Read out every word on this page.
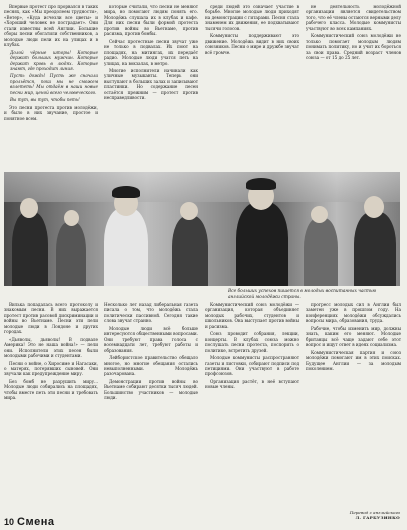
Впервые протест про прорвался в таких песнях, как «Мы преодолеем трудности», «Ветер», «Куда исчезли все цветы» и «Хороший человек не пострадает». Они стали известны всей Англии. Большие сборы песни обогатили собственников, а молодые люди пели их на улицах и в клубах.

Долой чёрные шторы! Которые держат больших мужчин. Которые держат кровь в людях. Которые знают, где проходит линия.

Пусть дождь! Пусть же сначала прольётся, пока мы не сможем взлететь! Мы отдаём в наши новые песни мир, ценой всего человеческого.

Вы тут, вы тут, чтобы петь!

Это песни протеста против молодёжи, и было в них звучание, простое и понятное всем.

которые считали, что песни не меняют мира, но помогают людям понять его. Молодёжь слушала их в клубах и кафе. Для них песни были формой протеста против войны во Вьетнаме, против расизма, против бомбы.

Сейчас протестные песни звучат уже не только в подвалах. Их поют на площадях, на митингах, их передаёт радио. Молодые люди учатся петь на улицах, на вокзалах, в метро.

Многие исполнители начинали как уличные музыканты. Теперь они выступают в больших залах и записывают пластинки. Но содержание песен остаётся прежним — протест против несправедливости.

среди людей это означает участие в борьбе. Многие молодые люди приходят на демонстрации с гитарами. Песня стала знаменем их движения, ее подхватывают тысячи голосов.

Коммунисты поддерживают это движение. Молодёжь видит в них своих союзников. Песни о мире и дружбе звучат всё громче.

не деятельность молодёжной организации является свидетельством того, что её члены остаются верными делу рабочего класса. Молодые коммунисты участвуют во всех кампаниях.

Коммунистический союз молодёжи не только помогает молодым людям понимать политику, но и учит их бороться за свои права. Средний возраст членов союза — от 15 до 25 лет.

Все больших успехов пишется в молодых воспитанных частью английской молодёжи страны.

Вилька попадалась всего протоколу и знакомым песни. В них выражается протест против расовой дискриминации и войны во Вьетнаме. Песни эти пели молодые люди в Лондоне и других городах.

«Дьяволы, дьяволы! В подвале Америка! Это не наша война!» — пели они. Исполнители этих песен были молодыми рабочими и студентами.

Песни о войне, о Хиросиме и Нагасаки, о матерях, потерявших сыновей. Они звучали как предупреждение миру.

Без бомб не разрушить миру... Молодые люди собирались на площадях, чтобы вместе петь эти песни и требовать мира.

Несколько лет назад либеральная газета писала о том, что молодёжь стала политически пассивной. Сегодня такие слова звучат странно.

Молодые люди всё больше интересуются общественными вопросами. Они требуют права голоса с восемнадцати лет, требуют работы и образования.

Лейбористское правительство обещало многое, но многие обещания остались невыполненными. Молодёжь разочарована.

Демонстрации против войны во Вьетнаме собирают десятки тысяч людей. Большинство участников — молодые люди.

Коммунистический союз молодёжи — организация, которая объединяет молодых рабочих, студентов и школьников. Она выступает против войны и расизма.

Союз проводит собрания, лекции, концерты. В клубах союза можно послушать песни протеста, поспорить о политике, встретить друзей.

Молодые коммунисты распространяют газеты и листовки, собирают подписи под петициями. Они участвуют в работе профсоюзов.

Организация растёт, в неё вступают новые члены.

прогресс молодых сил в Англии был заметен уже в прошлом году. На конференциях молодёжи обсуждались вопросы мира, образования, труда.

Рабочие, чтобы изменить мир, должны знать, каким его меняют. Молодые британцы всё чаще задают себе этот вопрос и ищут ответ в идеях социализма.

Коммунистическая партия и союз молодёжи помогают им в этих поисках. Будущее Англии — за молодым поколением.

10 Смена
Перевод с английского
Л. ГАРБУЗИНКО
